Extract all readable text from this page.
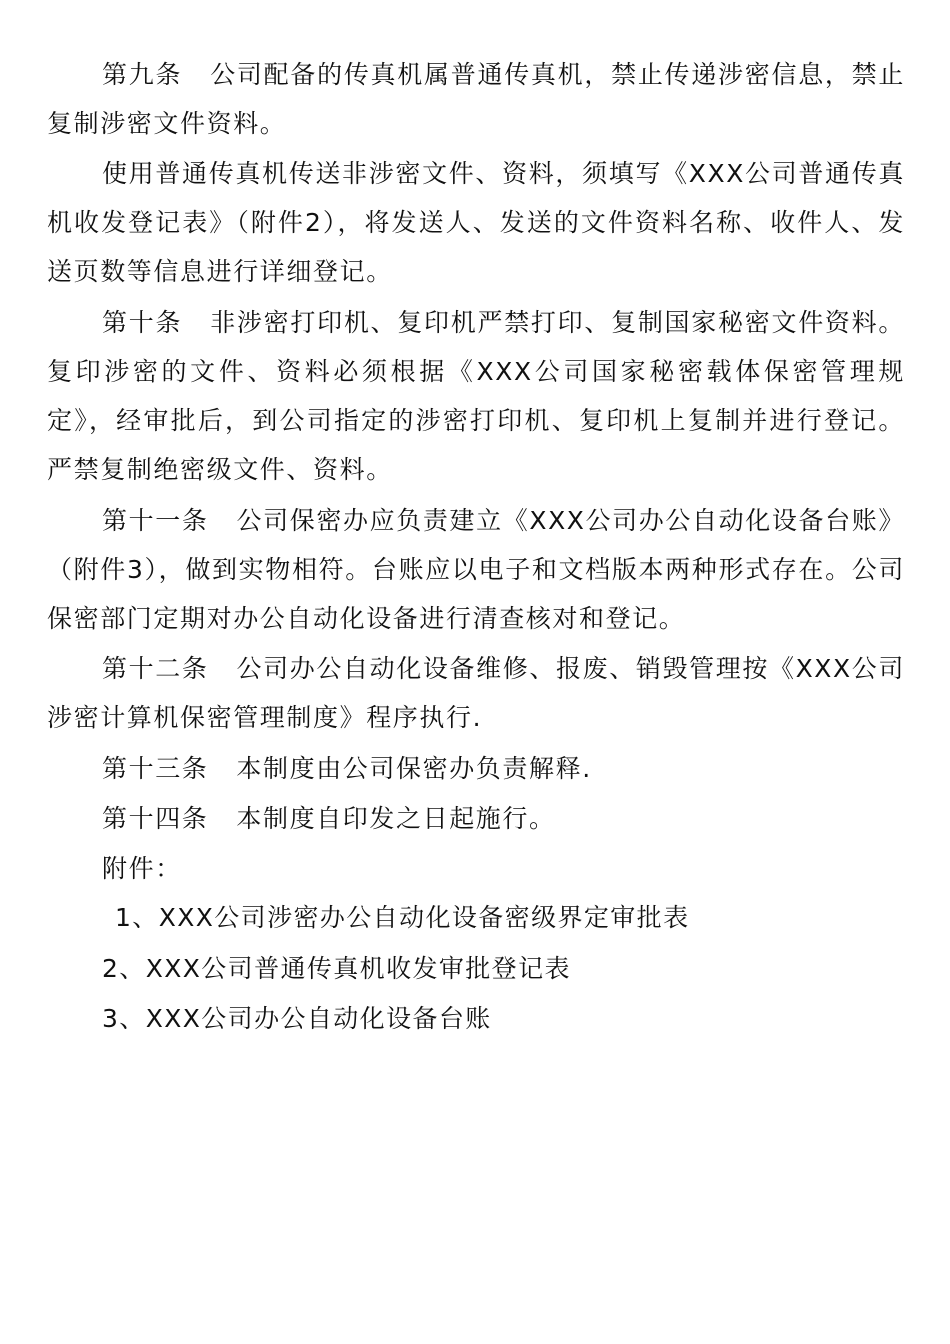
第九条 公司配备的传真机属普通传真机，禁止传递涉密信息，禁止复制涉密文件资料。

使用普通传真机传送非涉密文件、资料，须填写《XXX公司普通传真机收发登记表》（附件2），将发送人、发送的文件资料名称、收件人、发送页数等信息进行详细登记。

第十条 非涉密打印机、复印机严禁打印、复制国家秘密文件资料。复印涉密的文件、资料必须根据《XXX公司国家秘密载体保密管理规定》，经审批后，到公司指定的涉密打印机、复印机上复制并进行登记。严禁复制绝密级文件、资料。

第十一条 公司保密办应负责建立《XXX公司办公自动化设备台账》（附件3），做到实物相符。台账应以电子和文档版本两种形式存在。公司保密部门定期对办公自动化设备进行清查核对和登记。

第十二条 公司办公自动化设备维修、报废、销毁管理按《XXX公司涉密计算机保密管理制度》程序执行.

第十三条 本制度由公司保密办负责解释.

第十四条 本制度自印发之日起施行。

附件：

1、XXX公司涉密办公自动化设备密级界定审批表

2、XXX公司普通传真机收发审批登记表

3、XXX公司办公自动化设备台账
